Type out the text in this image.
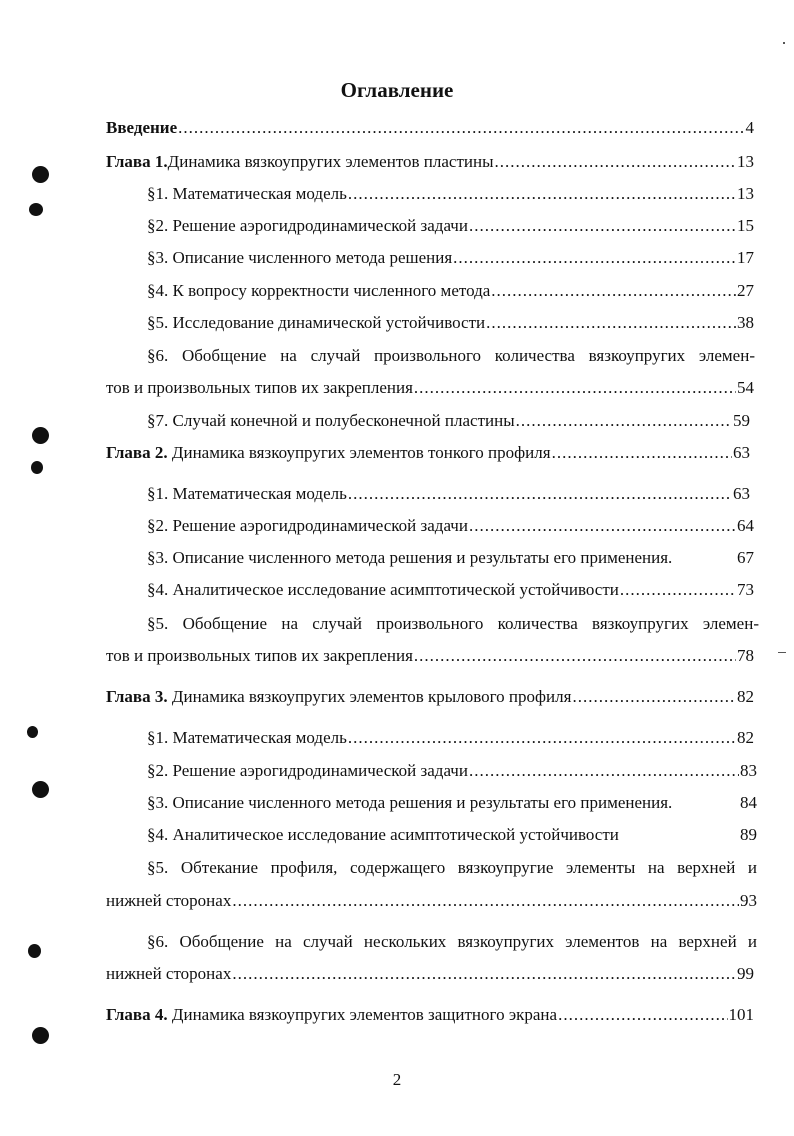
Оглавление
Введение .....	4
Глава 1.Динамика вязкоупругих элементов пластины .....	13
§1. Математическая модель .....	13
§2. Решение аэрогидродинамической задачи .....	15
§3. Описание численного метода решения .....	17
§4. К вопросу корректности численного метода .....	27
§5. Исследование динамической устойчивости .....	38
§6. Обобщение на случай произвольного количества вязкоупругих элемен-
тов и произвольных типов их закрепления .....	54
§7. Случай конечной и полубесконечной пластины .....	59
Глава 2. Динамика вязкоупругих элементов тонкого профиля .....	63
§1. Математическая модель .....	63
§2. Решение аэрогидродинамической задачи .....	64
§3. Описание численного метода решения и результаты его применения.	67
§4. Аналитическое исследование асимптотической устойчивости .....	73
§5. Обобщение на случай произвольного количества вязкоупругих элемен-
тов и произвольных типов их закрепления .....	78
Глава 3. Динамика вязкоупругих элементов крылового профиля .....	82
§1. Математическая модель .....	82
§2. Решение аэрогидродинамической задачи .....	83
§3. Описание численного метода решения и результаты его применения.	84
§4. Аналитическое исследование асимптотической устойчивости	89
§5. Обтекание профиля, содержащего вязкоупругие элементы на верхней и
нижней сторонах .....	93
§6. Обобщение на случай нескольких вязкоупругих элементов на верхней и
нижней сторонах .....	99
Глава 4. Динамика вязкоупругих элементов защитного экрана .....	101
2
